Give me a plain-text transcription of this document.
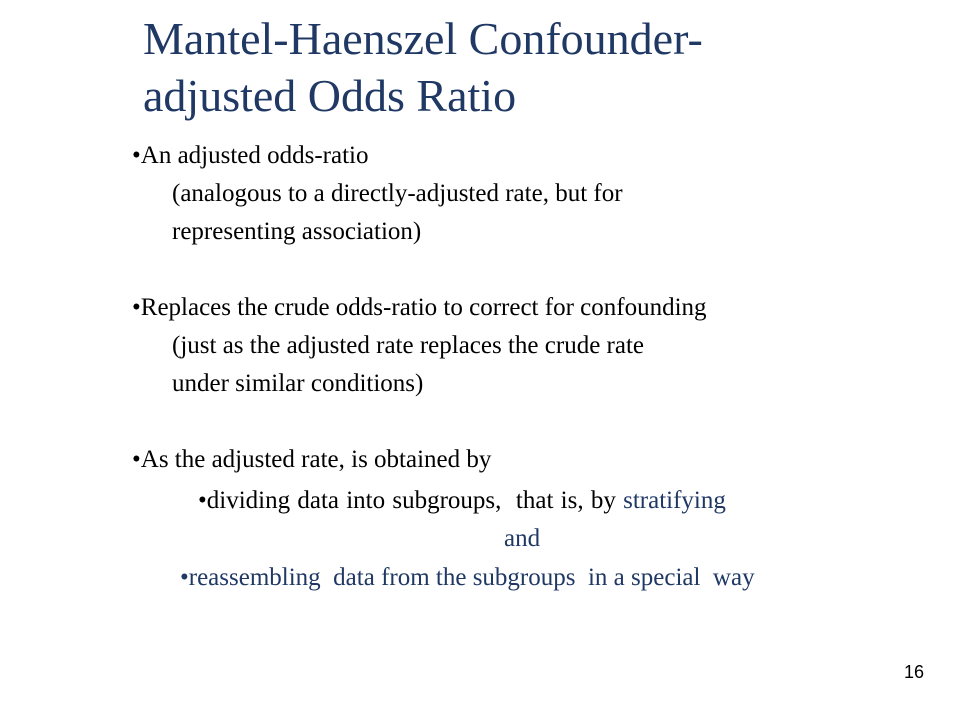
Mantel-Haenszel Confounder-
adjusted Odds Ratio
•An adjusted odds-ratio
(analogous to a directly-adjusted rate, but for
representing association)
•Replaces the crude odds-ratio to correct for confounding
(just as the adjusted rate replaces the crude rate
under similar conditions)
•As the adjusted rate, is obtained by
•dividing data into subgroups,  that is, by stratifying
and
•reassembling  data from the subgroups  in a special  way
16
